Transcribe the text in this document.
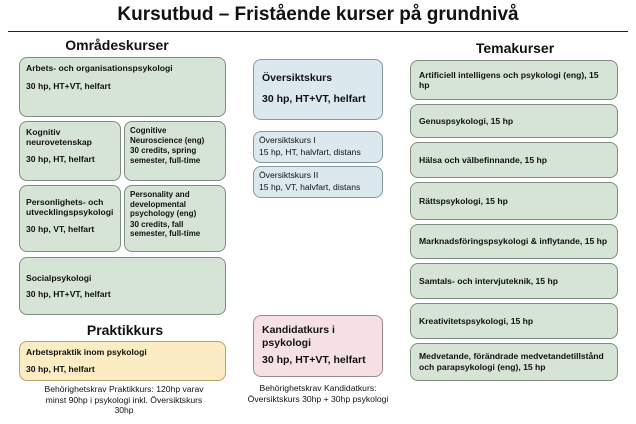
Kursutbud – Fristående kurser på grundnivå
Områdeskurser
Arbets- och organisationspsykologi
30 hp, HT+VT, helfart
Kognitiv neurovetenskap
30 hp, HT, helfart
Cognitive Neuroscience (eng)
30 credits, spring semester, full-time
Personlighets- och utvecklingspsykologi
30 hp, VT, helfart
Personality and developmental psychology (eng)
30 credits, fall semester, full-time
Socialpsykologi
30 hp, HT+VT, helfart
Praktikkurs
Arbetspraktik inom psykologi
30 hp, HT, helfart
Behörighetskrav Praktikkurs: 120hp varav minst 90hp i psykologi inkl. Översiktskurs 30hp
Översiktskurs
30 hp, HT+VT, helfart
Översiktskurs I
15 hp, HT, halvfart, distans
Översiktskurs II
15 hp, VT, halvfart, distans
Kandidatkurs i psykologi
30 hp, HT+VT, helfart
Behörighetskrav Kandidatkurs: Översiktskurs 30hp + 30hp psykologi
Temakurser
Artificiell intelligens och psykologi (eng), 15 hp
Genuspsykologi, 15 hp
Hälsa och välbefinnande, 15 hp
Rättspsykologi, 15 hp
Marknadsföringspsykologi & inflytande, 15 hp
Samtals- och intervjuteknik, 15 hp
Kreativitetspsykologi, 15 hp
Medvetande, förändrade medvetandetillstånd och parapsykologi (eng), 15 hp
